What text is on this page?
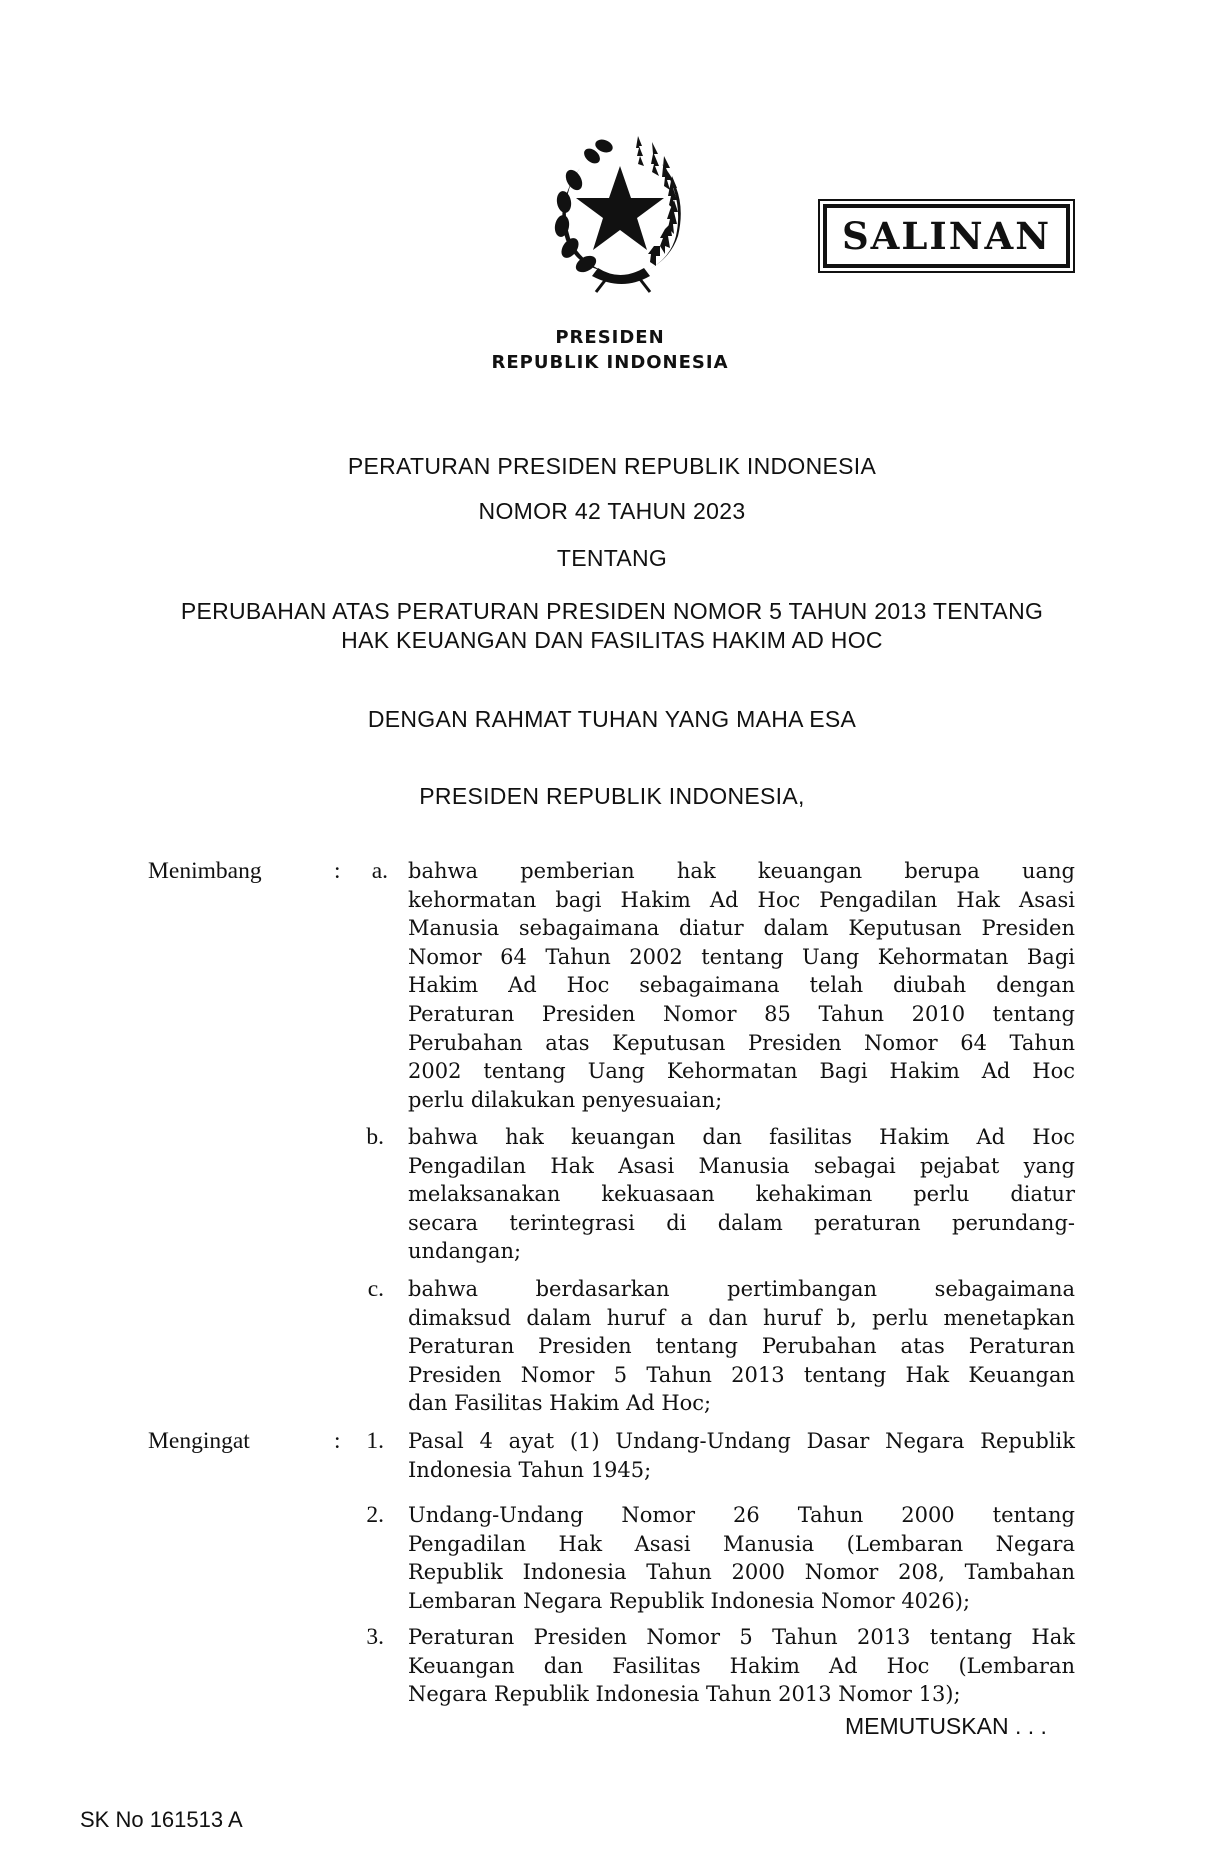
SALINAN
PRESIDEN
REPUBLIK INDONESIA
PERATURAN PRESIDEN REPUBLIK INDONESIA
NOMOR 42 TAHUN 2023
TENTANG
PERUBAHAN ATAS PERATURAN PRESIDEN NOMOR 5 TAHUN 2013 TENTANG
HAK KEUANGAN DAN FASILITAS HAKIM AD HOC
DENGAN RAHMAT TUHAN YANG MAHA ESA
PRESIDEN REPUBLIK INDONESIA,
Menimbang	:	a. bahwa pemberian hak keuangan berupa uang
kehormatan bagi Hakim Ad Hoc Pengadilan Hak Asasi
Manusia sebagaimana diatur dalam Keputusan Presiden
Nomor 64 Tahun 2002 tentang Uang Kehormatan Bagi
Hakim Ad Hoc sebagaimana telah diubah dengan
Peraturan Presiden Nomor 85 Tahun 2010 tentang
Perubahan atas Keputusan Presiden Nomor 64 Tahun
2002 tentang Uang Kehormatan Bagi Hakim Ad Hoc
perlu dilakukan penyesuaian;
b. bahwa hak keuangan dan fasilitas Hakim Ad Hoc
Pengadilan Hak Asasi Manusia sebagai pejabat yang
melaksanakan kekuasaan kehakiman perlu diatur
secara terintegrasi di dalam peraturan perundang-
undangan;
c. bahwa berdasarkan pertimbangan sebagaimana
dimaksud dalam huruf a dan huruf b, perlu menetapkan
Peraturan Presiden tentang Perubahan atas Peraturan
Presiden Nomor 5 Tahun 2013 tentang Hak Keuangan
dan Fasilitas Hakim Ad Hoc;
Mengingat	:	1. Pasal 4 ayat (1) Undang-Undang Dasar Negara Republik
Indonesia Tahun 1945;
2. Undang-Undang Nomor 26 Tahun 2000 tentang
Pengadilan Hak Asasi Manusia (Lembaran Negara
Republik Indonesia Tahun 2000 Nomor 208, Tambahan
Lembaran Negara Republik Indonesia Nomor 4026);
3. Peraturan Presiden Nomor 5 Tahun 2013 tentang Hak
Keuangan dan Fasilitas Hakim Ad Hoc (Lembaran
Negara Republik Indonesia Tahun 2013 Nomor 13);
MEMUTUSKAN . . .
SK No 161513 A
